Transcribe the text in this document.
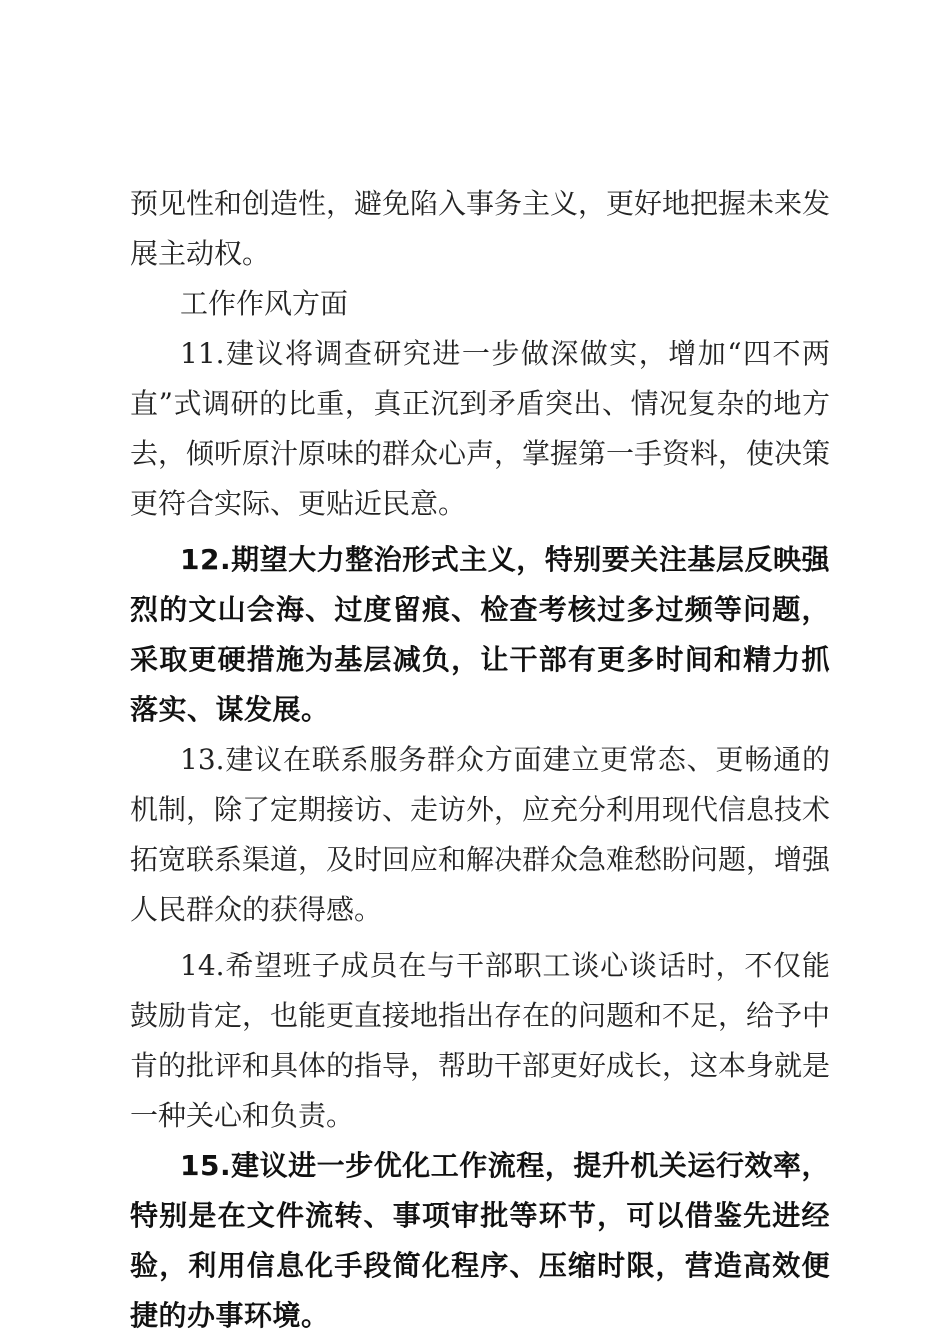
预见性和创造性，避免陷入事务主义，更好地把握未来发展主动权。

工作作风方面

11.建议将调查研究进一步做深做实，增加“四不两直”式调研的比重，真正沉到矛盾突出、情况复杂的地方去，倾听原汁原味的群众心声，掌握第一手资料，使决策更符合实际、更贴近民意。

12.期望大力整治形式主义，特别要关注基层反映强烈的文山会海、过度留痕、检查考核过多过频等问题，采取更硬措施为基层减负，让干部有更多时间和精力抓落实、谋发展。

13.建议在联系服务群众方面建立更常态、更畅通的机制，除了定期接访、走访外，应充分利用现代信息技术拓宽联系渠道，及时回应和解决群众急难愁盼问题，增强人民群众的获得感。

14.希望班子成员在与干部职工谈心谈话时，不仅能鼓励肯定，也能更直接地指出存在的问题和不足，给予中肯的批评和具体的指导，帮助干部更好成长，这本身就是一种关心和负责。

15.建议进一步优化工作流程，提升机关运行效率，特别是在文件流转、事项审批等环节，可以借鉴先进经验，利用信息化手段简化程序、压缩时限，营造高效便捷的办事环境。
